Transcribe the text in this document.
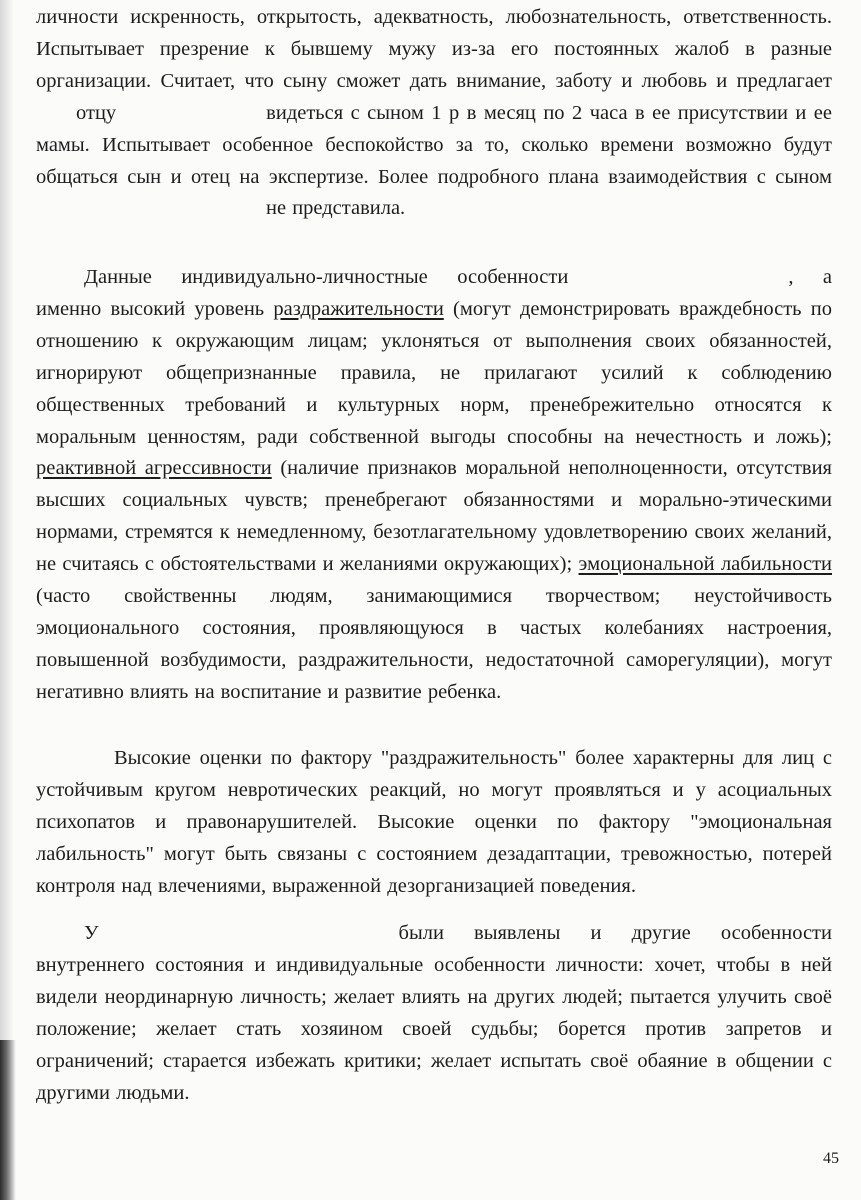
личности искренность, открытость, адекватность, любознательность, ответственность. Испытывает презрение к бывшему мужу из-за его постоянных жалоб в разные организации. Считает, что сыну сможет дать внимание, заботу и любовь и предлагаетотцу	видеться с сыном 1 р в месяц по 2 часа в ее присутствии и ее мамы. Испытывает особенное беспокойство за то, сколько времени возможно будут общаться сын и отец на экспертизе. Более подробного плана взаимодействия с сыномне представила.

Данные индивидуально-личностные особенности	, а именно высокий уровень раздражительности (могут демонстрировать враждебность по отношению к окружающим лицам; уклоняться от выполнения своих обязанностей, игнорируют общепризнанные правила, не прилагают усилий к соблюдению общественных требований и культурных норм, пренебрежительно относятся к моральным ценностям, ради собственной выгоды способны на нечестность и ложь); реактивной агрессивности (наличие признаков моральной неполноценности, отсутствия высших социальных чувств; пренебрегают обязанностями и морально-этическими нормами, стремятся к немедленному, безотлагательному удовлетворению своих желаний, не считаясь с обстоятельствами и желаниями окружающих); эмоциональной лабильности (часто свойственны людям, занимающимися творчеством; неустойчивость эмоционального состояния, проявляющуюся в частых колебаниях настроения, повышенной возбудимости, раздражительности, недостаточной саморегуляции), могут негативно влиять на воспитание и развитие ребенка.

Высокие оценки по фактору "раздражительность" более характерны для лиц с устойчивым кругом невротических реакций, но могут проявляться и у асоциальных психопатов и правонарушителей. Высокие оценки по фактору "эмоциональная лабильность" могут быть связаны с состоянием дезадаптации, тревожностью, потерей контроля над влечениями, выраженной дезорганизацией поведения.

У	были выявлены и другие особенности внутреннего состояния и индивидуальные особенности личности: хочет, чтобы в ней видели неординарную личность; желает влиять на других людей; пытается улучить своё положение; желает стать хозяином своей судьбы; борется против запретов и ограничений; старается избежать критики; желает испытать своё обаяние в общении с другими людьми.

45
